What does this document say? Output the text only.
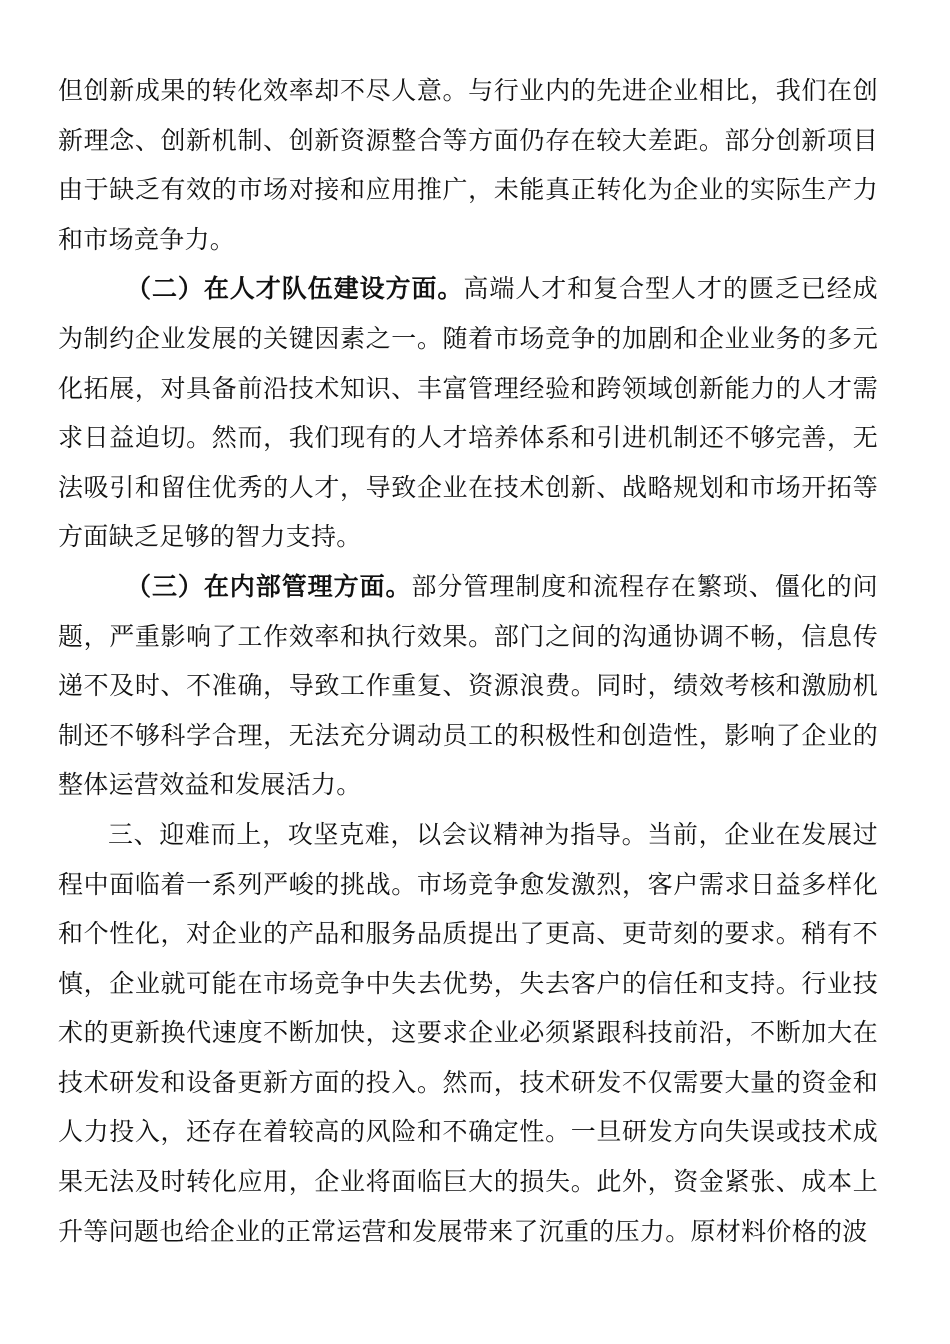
但创新成果的转化效率却不尽人意。与行业内的先进企业相比，我们在创新理念、创新机制、创新资源整合等方面仍存在较大差距。部分创新项目由于缺乏有效的市场对接和应用推广，未能真正转化为企业的实际生产力和市场竞争力。

（二）在人才队伍建设方面。高端人才和复合型人才的匮乏已经成为制约企业发展的关键因素之一。随着市场竞争的加剧和企业业务的多元化拓展，对具备前沿技术知识、丰富管理经验和跨领域创新能力的人才需求日益迫切。然而，我们现有的人才培养体系和引进机制还不够完善，无法吸引和留住优秀的人才，导致企业在技术创新、战略规划和市场开拓等方面缺乏足够的智力支持。

（三）在内部管理方面。部分管理制度和流程存在繁琐、僵化的问题，严重影响了工作效率和执行效果。部门之间的沟通协调不畅，信息传递不及时、不准确，导致工作重复、资源浪费。同时，绩效考核和激励机制还不够科学合理，无法充分调动员工的积极性和创造性，影响了企业的整体运营效益和发展活力。

三、迎难而上，攻坚克难，以会议精神为指导。当前，企业在发展过程中面临着一系列严峻的挑战。市场竞争愈发激烈，客户需求日益多样化和个性化，对企业的产品和服务品质提出了更高、更苛刻的要求。稍有不慎，企业就可能在市场竞争中失去优势，失去客户的信任和支持。行业技术的更新换代速度不断加快，这要求企业必须紧跟科技前沿，不断加大在技术研发和设备更新方面的投入。然而，技术研发不仅需要大量的资金和人力投入，还存在着较高的风险和不确定性。一旦研发方向失误或技术成果无法及时转化应用，企业将面临巨大的损失。此外，资金紧张、成本上升等问题也给企业的正常运营和发展带来了沉重的压力。原材料价格的波
